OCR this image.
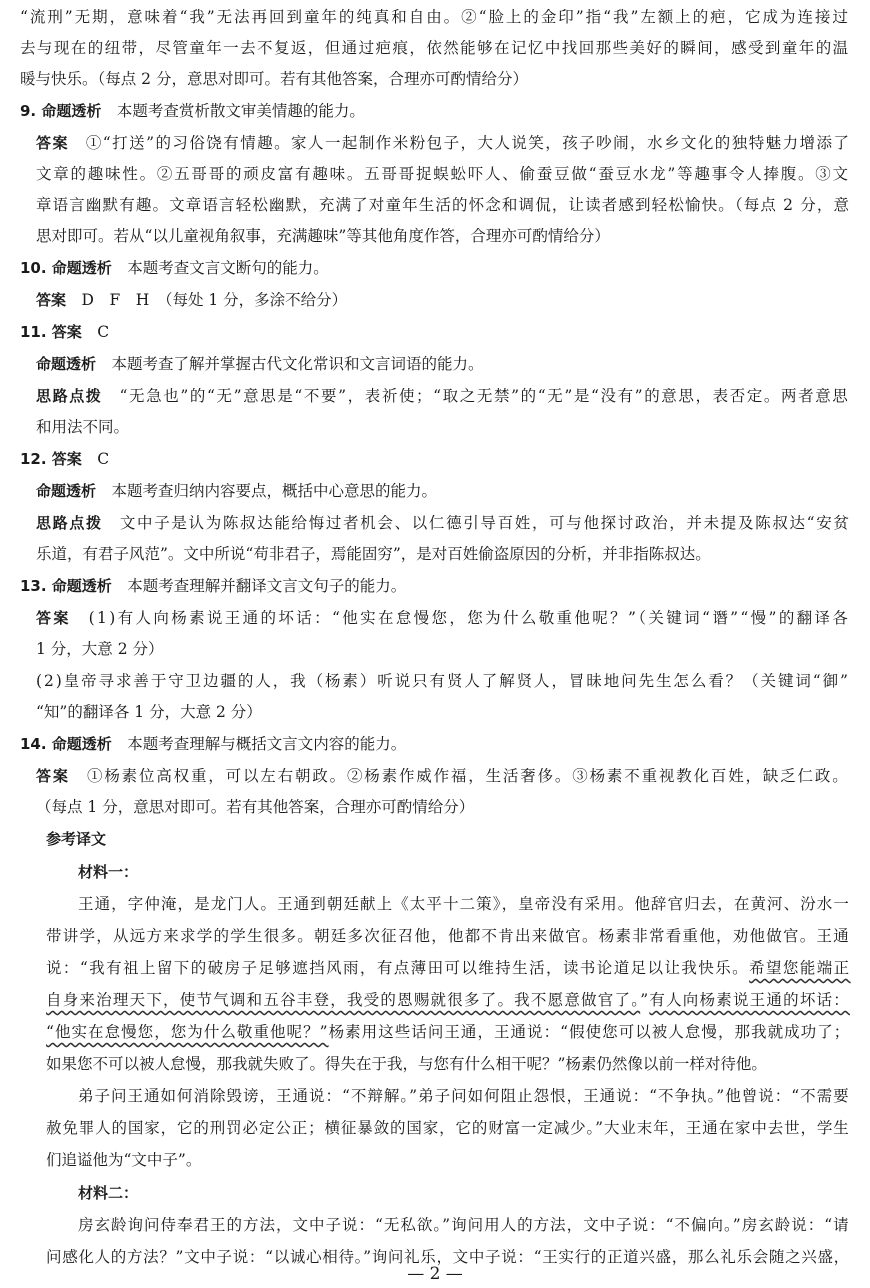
“流刑”无期，意味着“我”无法再回到童年的纯真和自由。②“脸上的金印”指“我”左额上的疤，它成为连接过
去与现在的纽带，尽管童年一去不复返，但通过疤痕，依然能够在记忆中找回那些美好的瞬间，感受到童年的温
暖与快乐。（每点 2 分，意思对即可。若有其他答案，合理亦可酌情给分）
9. 命题透析　本题考查赏析散文审美情趣的能力。
答案　①“打送”的习俗饶有情趣。家人一起制作米粉包子，大人说笑，孩子吵闹，水乡文化的独特魅力增添了
文章的趣味性。②五哥哥的顽皮富有趣味。五哥哥捉蜈蚣吓人、偷蚕豆做“蚕豆水龙”等趣事令人捧腹。③文
章语言幽默有趣。文章语言轻松幽默，充满了对童年生活的怀念和调侃，让读者感到轻松愉快。（每点 2 分，意
思对即可。若从“以儿童视角叙事，充满趣味”等其他角度作答，合理亦可酌情给分）
10. 命题透析　本题考查文言文断句的能力。
答案　D　F　H　（每处 1 分，多涂不给分）
11. 答案　C
命题透析　本题考查了解并掌握古代文化常识和文言词语的能力。
思路点拨　“无急也”的“无”意思是“不要”，表祈使；“取之无禁”的“无”是“没有”的意思，表否定。两者意思
和用法不同。
12. 答案　C
命题透析　本题考查归纳内容要点，概括中心意思的能力。
思路点拨　文中子是认为陈叔达能给悔过者机会、以仁德引导百姓，可与他探讨政治，并未提及陈叔达“安贫
乐道，有君子风范”。文中所说“苟非君子，焉能固穷”，是对百姓偷盗原因的分析，并非指陈叔达。
13. 命题透析　本题考查理解并翻译文言文句子的能力。
答案　(1)有人向杨素说王通的坏话：“他实在怠慢您，您为什么敬重他呢？”（关键词“谮”“慢”的翻译各
1 分，大意 2 分）
(2)皇帝寻求善于守卫边疆的人，我（杨素）听说只有贤人了解贤人，冒昧地问先生怎么看？（关键词“御”
“知”的翻译各 1 分，大意 2 分）
14. 命题透析　本题考查理解与概括文言文内容的能力。
答案　①杨素位高权重，可以左右朝政。②杨素作威作福，生活奢侈。③杨素不重视教化百姓，缺乏仁政。
（每点 1 分，意思对即可。若有其他答案，合理亦可酌情给分）
参考译文
材料一：
王通，字仲淹，是龙门人。王通到朝廷献上《太平十二策》，皇帝没有采用。他辞官归去，在黄河、汾水一
带讲学，从远方来求学的学生很多。朝廷多次征召他，他都不肯出来做官。杨素非常看重他，劝他做官。王通
说：“我有祖上留下的破房子足够遮挡风雨，有点薄田可以维持生活，读书论道足以让我快乐。希望您能端正
自身来治理天下，使节气调和五谷丰登，我受的恩赐就很多了。我不愿意做官了。”有人向杨素说王通的坏话：
“他实在怠慢您，您为什么敬重他呢？”杨素用这些话问王通，王通说：“假使您可以被人怠慢，那我就成功了；
如果您不可以被人怠慢，那我就失败了。得失在于我，与您有什么相干呢？”杨素仍然像以前一样对待他。
弟子问王通如何消除毁谤，王通说：“不辩解。”弟子问如何阻止怨恨，王通说：“不争执。”他曾说：“不需要
赦免罪人的国家，它的刑罚必定公正；横征暴敛的国家，它的财富一定减少。”大业末年，王通在家中去世，学生
们追谥他为“文中子”。
材料二：
房玄龄询问侍奉君王的方法，文中子说：“无私欲。”询问用人的方法，文中子说：“不偏向。”房玄龄说：“请
问感化人的方法？”文中子说：“以诚心相待。”询问礼乐，文中子说：“王实行的正道兴盛，那么礼乐会随之兴盛，
— 2 —
